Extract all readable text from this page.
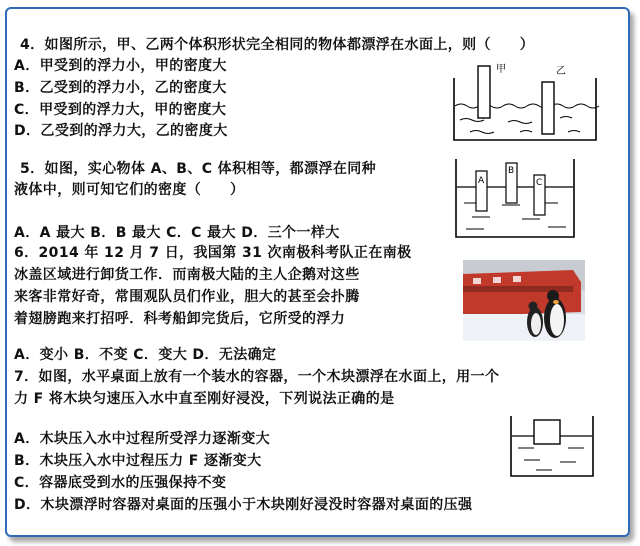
4．如图所示，甲、乙两个体积形状完全相同的物体都漂浮在水面上，则（　　）
A．甲受到的浮力小，甲的密度大
B．乙受到的浮力小，乙的密度大
C．甲受到的浮力大，甲的密度大
D．乙受到的浮力大，乙的密度大
甲	乙
5．如图，实心物体 A、B、C 体积相等，都漂浮在同种
液体中，则可知它们的密度（　　）
A．A 最大 B．B 最大 C．C 最大 D．三个一样大
A
B
C
6．2014 年 12 月 7 日，我国第 31 次南极科考队正在南极
冰盖区域进行卸货工作．而南极大陆的主人企鹅对这些
来客非常好奇，常围观队员们作业，胆大的甚至会扑腾
着翅膀跑来打招呼．科考船卸完货后，它所受的浮力
A．变小 B．不变 C．变大 D．无法确定
7．如图，水平桌面上放有一个装水的容器，一个木块漂浮在水面上，用一个
力 F 将木块匀速压入水中直至刚好浸没，下列说法正确的是
A．木块压入水中过程所受浮力逐渐变大
B．木块压入水中过程压力 F 逐渐变大
C．容器底受到水的压强保持不变
D．木块漂浮时容器对桌面的压强小于木块刚好浸没时容器对桌面的压强
